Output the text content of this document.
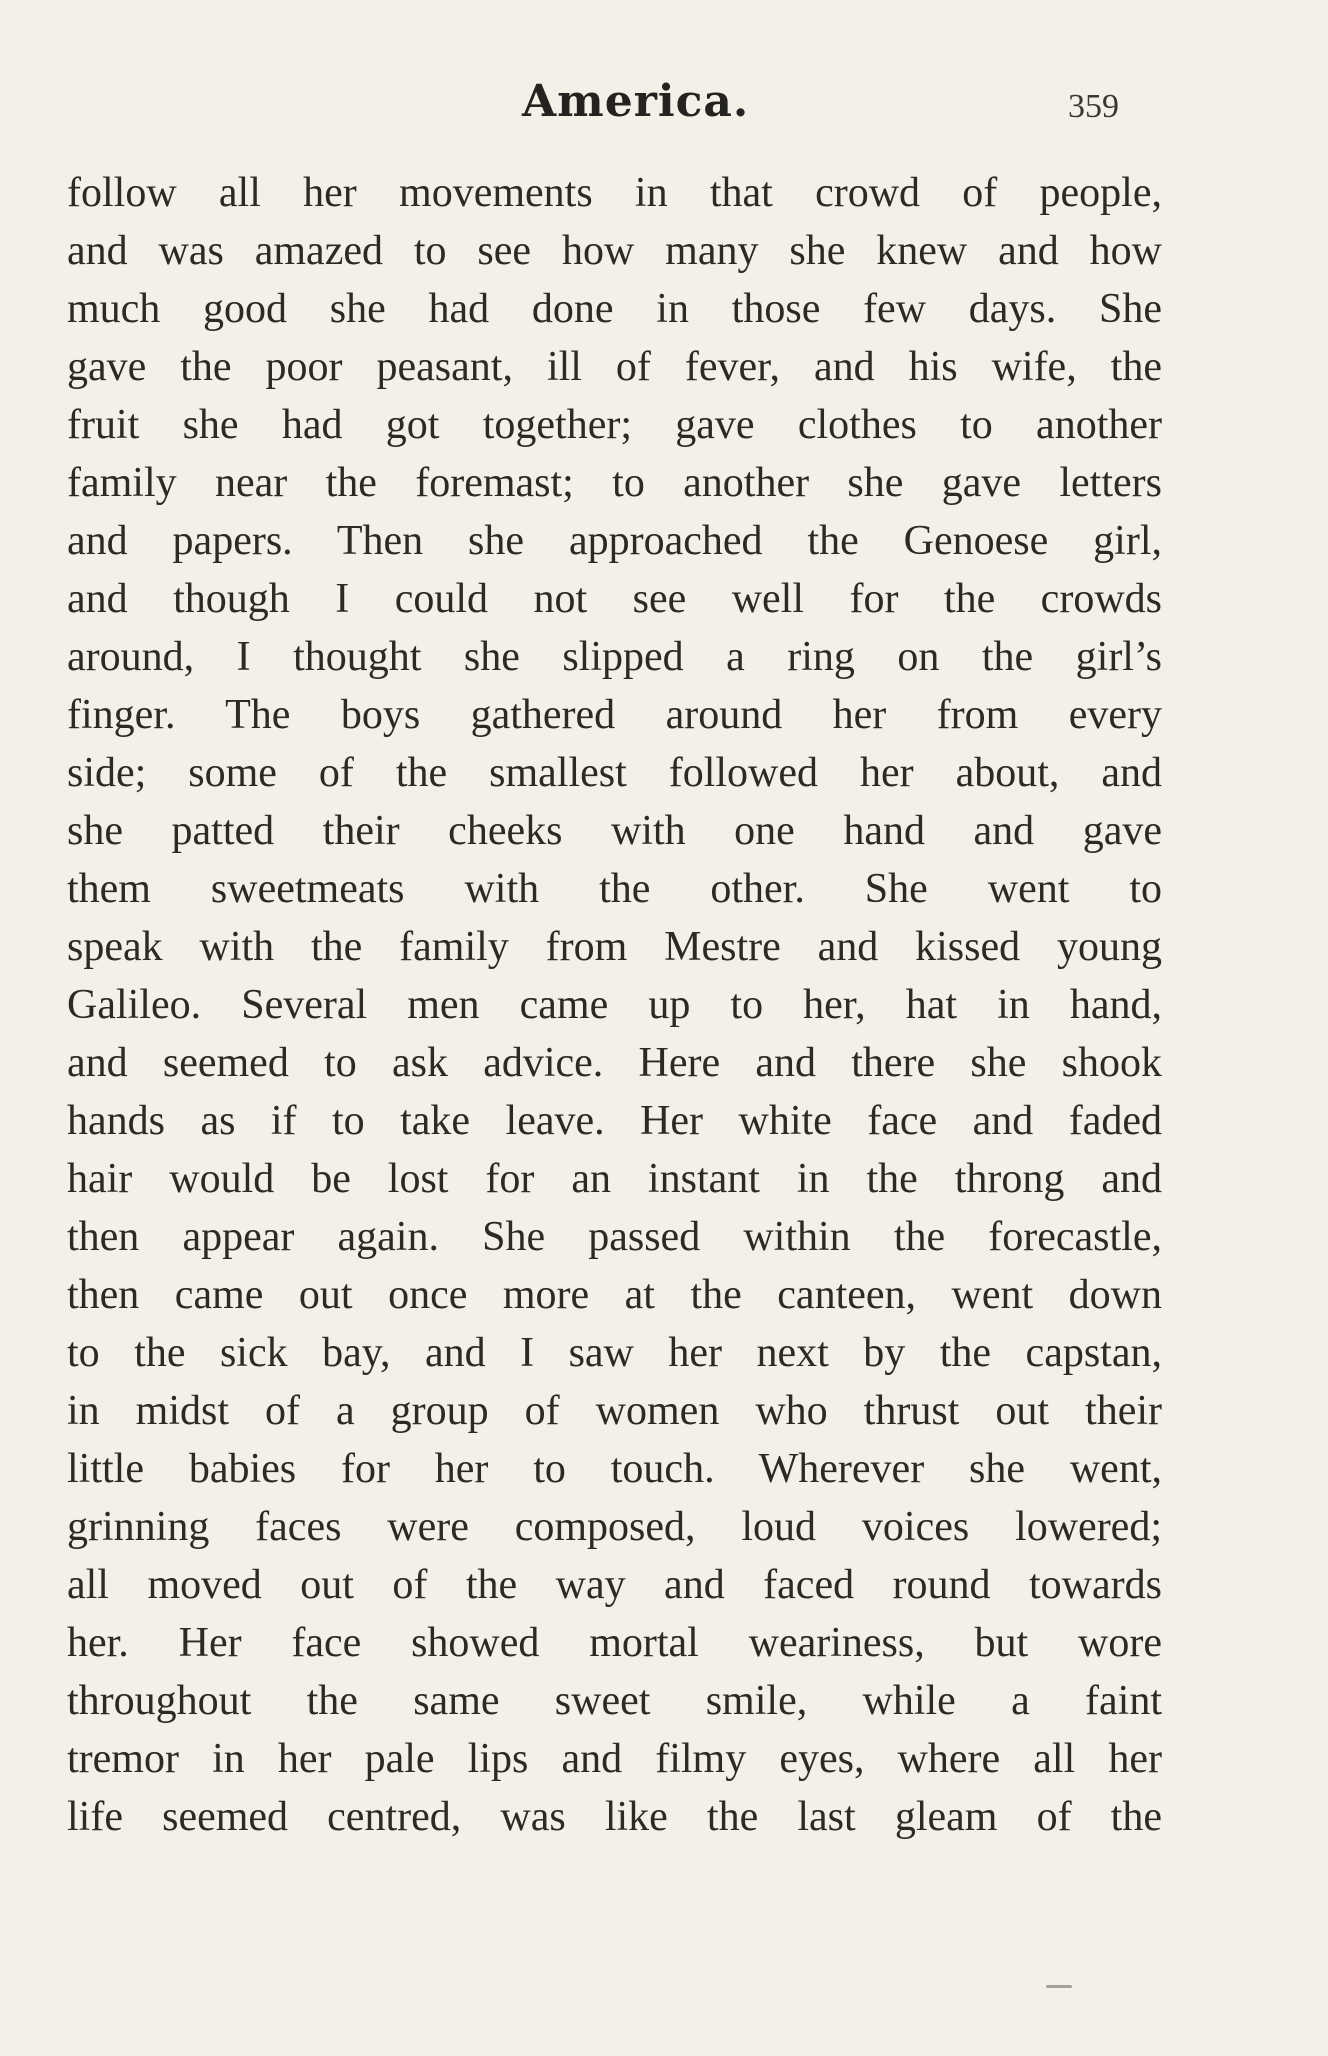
America.	359
follow all her movements in that crowd of people,
and was amazed to see how many she knew and how
much good she had done in those few days. She
gave the poor peasant, ill of fever, and his wife, the
fruit she had got together; gave clothes to another
family near the foremast; to another she gave letters
and papers. Then she approached the Genoese girl,
and though I could not see well for the crowds
around, I thought she slipped a ring on the girl’s
finger. The boys gathered around her from every
side; some of the smallest followed her about, and
she patted their cheeks with one hand and gave
them sweetmeats with the other. She went to
speak with the family from Mestre and kissed young
Galileo. Several men came up to her, hat in hand,
and seemed to ask advice. Here and there she shook
hands as if to take leave. Her white face and faded
hair would be lost for an instant in the throng and
then appear again. She passed within the forecastle,
then came out once more at the canteen, went down
to the sick bay, and I saw her next by the capstan,
in midst of a group of women who thrust out their
little babies for her to touch. Wherever she went,
grinning faces were composed, loud voices lowered;
all moved out of the way and faced round towards
her. Her face showed mortal weariness, but wore
throughout the same sweet smile, while a faint
tremor in her pale lips and filmy eyes, where all her
life seemed centred, was like the last gleam of the
